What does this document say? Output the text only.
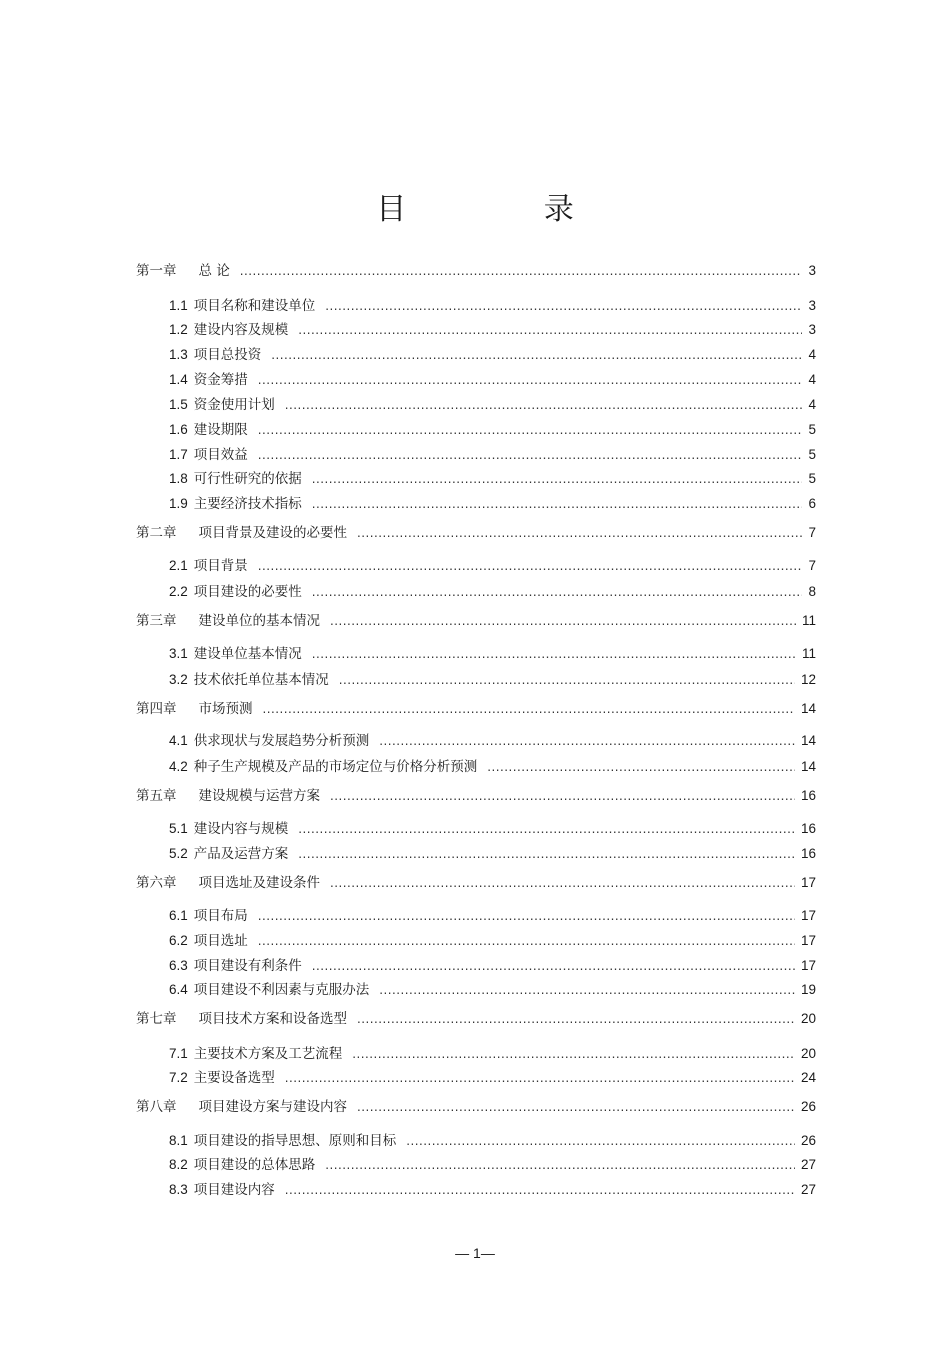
目 录
第一章 总 论 .....	3
1.1 项目名称和建设单位 .....	3
1.2 建设内容及规模 .....	3
1.3 项目总投资 .....	4
1.4 资金筹措 .....	4
1.5 资金使用计划 .....	4
1.6 建设期限 .....	5
1.7 项目效益 .....	5
1.8 可行性研究的依据 .....	5
1.9 主要经济技术指标 .....	6
第二章 项目背景及建设的必要性 .....	7
2.1 项目背景 .....	7
2.2 项目建设的必要性 .....	8
第三章 建设单位的基本情况 .....	11
3.1 建设单位基本情况 .....	11
3.2 技术依托单位基本情况 .....	12
第四章 市场预测 .....	14
4.1 供求现状与发展趋势分析预测 .....	14
4.2 种子生产规模及产品的市场定位与价格分析预测 .....	14
第五章 建设规模与运营方案 .....	16
5.1 建设内容与规模 .....	16
5.2 产品及运营方案 .....	16
第六章 项目选址及建设条件 .....	17
6.1 项目布局 .....	17
6.2 项目选址 .....	17
6.3 项目建设有利条件 .....	17
6.4 项目建设不利因素与克服办法 .....	19
第七章 项目技术方案和设备选型 .....	20
7.1 主要技术方案及工艺流程 .....	20
7.2 主要设备选型 .....	24
第八章 项目建设方案与建设内容 .....	26
8.1 项目建设的指导思想、原则和目标 .....	26
8.2 项目建设的总体思路 .....	27
8.3 项目建设内容 .....	27
— 1—
